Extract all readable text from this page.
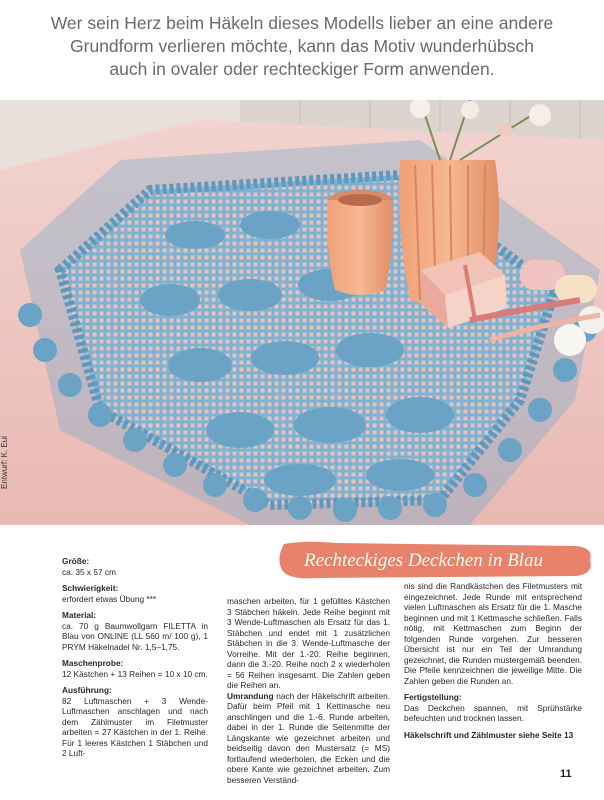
Wer sein Herz beim Häkeln dieses Modells lieber an eine andere
Grundform verlieren möchte, kann das Motiv wunderhübsch
auch in ovaler oder rechteckiger Form anwenden.
Entwurf: K. Eul
Rechteckiges Deckchen in Blau
Größe:
ca. 35 x 57 cm
Schwierigkeit:
erfordert etwas Übung ***
Material:
ca. 70 g Baumwollgarn FILETTA in Blau von ONLINE (LL 560 m/ 100 g), 1 PRYM Häkelnadel Nr. 1,5–1,75.
Maschenprobe:
12 Kästchen + 13 Reihen = 10 x 10 cm.
Ausführung:
82 Luftmaschen + 3 Wende-Luftmaschen anschlagen und nach dem Zählmuster im Filetmuster arbeiten = 27 Kästchen in der 1. Reihe. Für 1 leeres Kästchen 1 Stäbchen und 2 Luft-
maschen arbeiten, für 1 gefülltes Kästchen 3 Stäbchen häkeln. Jede Reihe beginnt mit 3 Wende-Luftmaschen als Ersatz für das 1. Stäbchen und endet mit 1 zusätzlichen Stäbchen in die 3. Wende-Luftmasche der Vorreihe. Mit der 1.-20. Reihe beginnen, dann die 3.-20. Reihe noch 2 x wiederholen = 56 Reihen insgesamt. Die Zahlen geben die Reihen an.
Umrandung nach der Häkelschrift arbeiten. Dafür beim Pfeil mit 1 Kettmasche neu anschlingen und die 1.-6. Runde arbeiten, dabei in der 1. Runde die Seitenmitte der Längskante wie gezeichnet arbeiten und beidseitig davon den Mustersatz (= MS) fortlaufend wiederholen, die Ecken und die obere Kante wie gezeichnet arbeiten. Zum besseren Verständ-
nis sind die Randkästchen des Filetmusters mit eingezeichnet. Jede Runde mit entsprechend vielen Luftmaschen als Ersatz für die 1. Masche beginnen und mit 1 Kettmasche schließen. Falls nötig, mit Kettmaschen zum Beginn der folgenden Runde vorgehen. Zur besseren Übersicht ist nur ein Teil der Umrandung gezeichnet, die Runden mustergemäß beenden. Die Pfeile kennzeichnen die jeweilige Mitte. Die Zahlen geben die Runden an.
Fertigstellung:
Das Deckchen spannen, mit Sprühstärke befeuchten und trocknen lassen.
Häkelschrift und Zählmuster siehe Seite 13
11
